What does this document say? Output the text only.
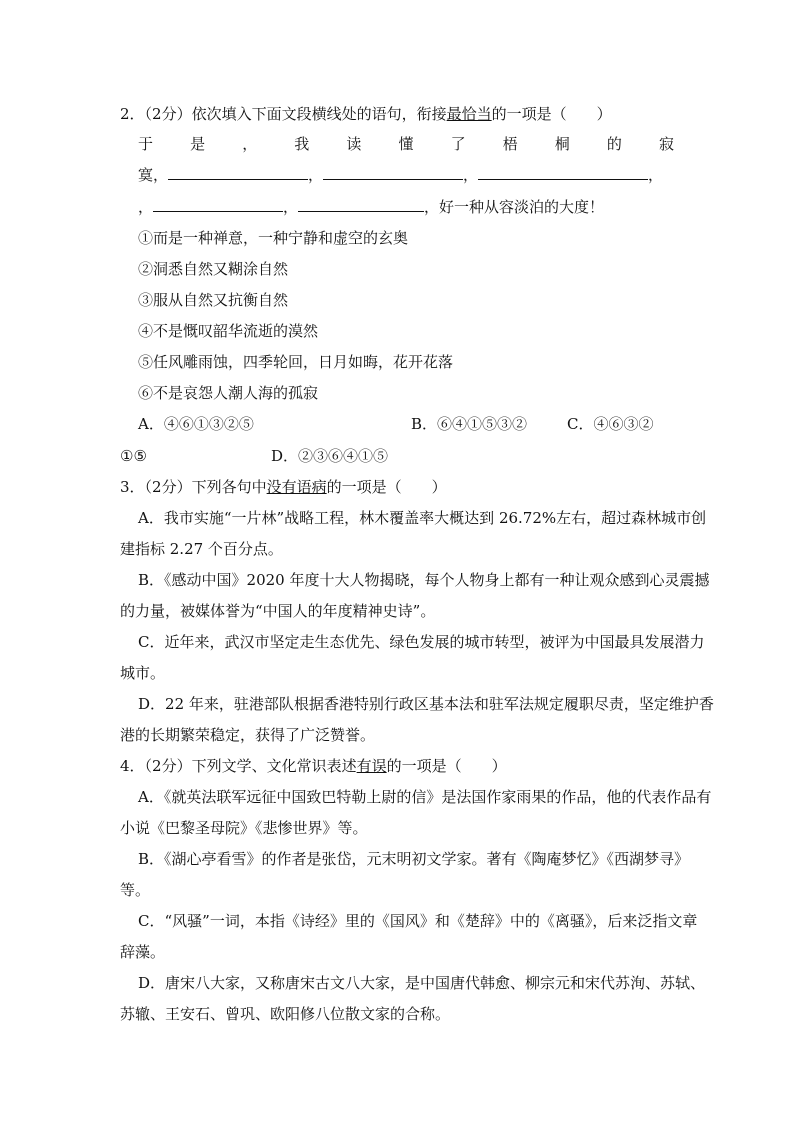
2．（2分）依次填入下面文段横线处的语句，衔接最恰当的一项是（　　）
于 是 ， 我 读 懂 了 梧 桐 的 寂
寞，	，	，	，
，	，	，好一种从容淡泊的大度！
①而是一种禅意，一种宁静和虚空的玄奥
②洞悉自然又糊涂自然
③服从自然又抗衡自然
④不是慨叹韶华流逝的漠然
⑤任风雕雨蚀，四季轮回，日月如晦，花开花落
⑥不是哀怨人潮人海的孤寂
A．④⑥①③②⑤	B．⑥④①⑤③②	C．④⑥③②
①⑤	D．②③⑥④①⑤
3．（2分）下列各句中没有语病的一项是（　　）
A．我市实施“一片林”战略工程，林木覆盖率大概达到 26.72%左右，超过森林城市创
建指标 2.27 个百分点。
B．《感动中国》2020 年度十大人物揭晓，每个人物身上都有一种让观众感到心灵震撼
的力量，被媒体誉为“中国人的年度精神史诗”。
C．近年来，武汉市坚定走生态优先、绿色发展的城市转型，被评为中国最具发展潜力
城市。
D．22 年来，驻港部队根据香港特别行政区基本法和驻军法规定履职尽责，坚定维护香
港的长期繁荣稳定，获得了广泛赞誉。
4．（2分）下列文学、文化常识表述有误的一项是（　　）
A．《就英法联军远征中国致巴特勒上尉的信》是法国作家雨果的作品，他的代表作品有
小说《巴黎圣母院》《悲惨世界》等。
B．《湖心亭看雪》的作者是张岱，元末明初文学家。著有《陶庵梦忆》《西湖梦寻》
等。
C．“风骚”一词，本指《诗经》里的《国风》和《楚辞》中的《离骚》，后来泛指文章
辞藻。
D．唐宋八大家，又称唐宋古文八大家，是中国唐代韩愈、柳宗元和宋代苏洵、苏轼、
苏辙、王安石、曾巩、欧阳修八位散文家的合称。
